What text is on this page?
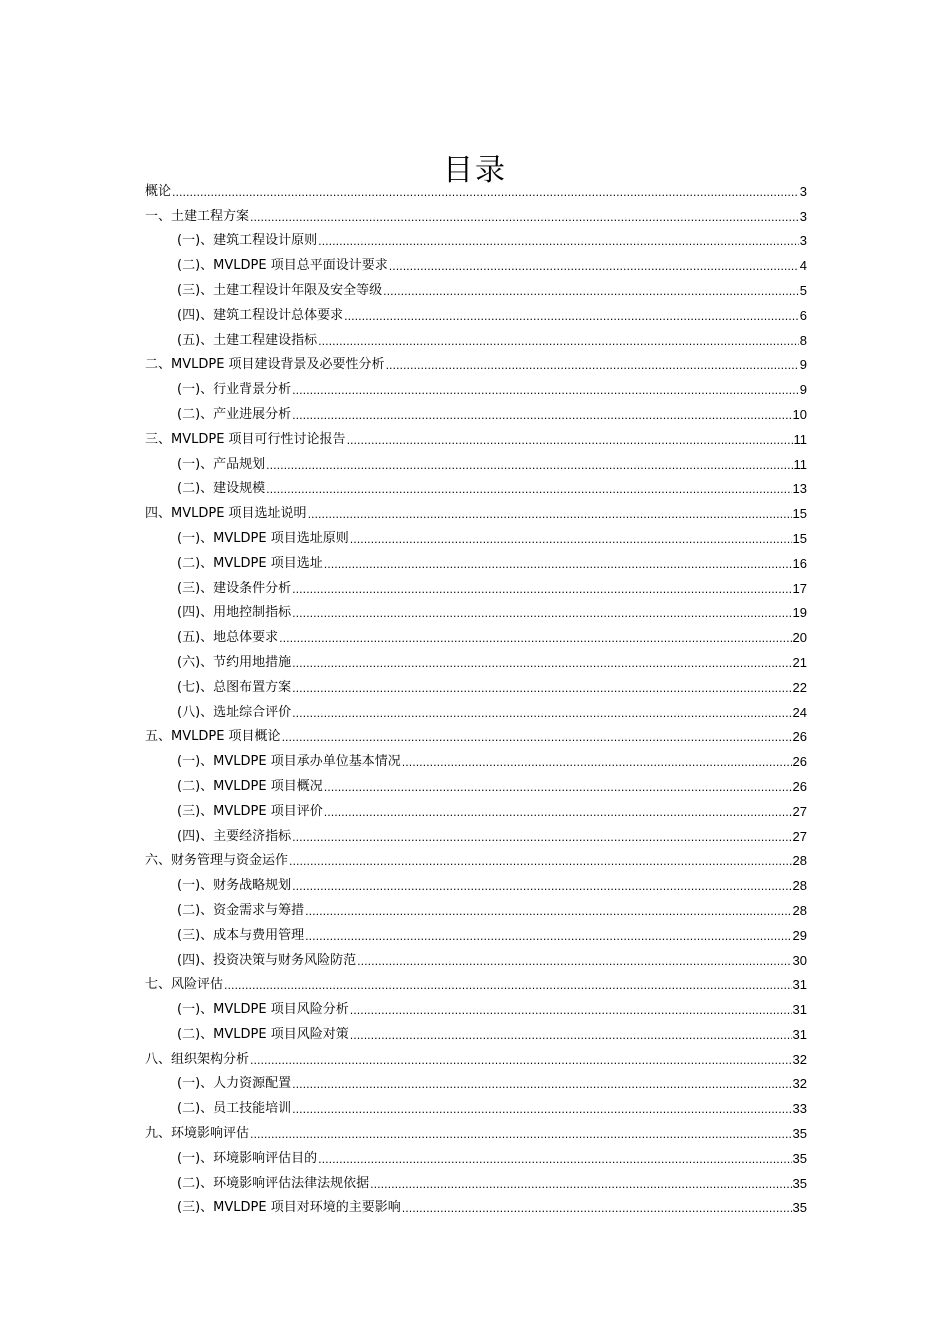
目录
概论 .....	3
一、土建工程方案 .....	3
(一)、建筑工程设计原则 .....	3
(二)、MVLDPE 项目总平面设计要求 .....	4
(三)、土建工程设计年限及安全等级 .....	5
(四)、建筑工程设计总体要求 .....	6
(五)、土建工程建设指标 .....	8
二、MVLDPE 项目建设背景及必要性分析 .....	9
(一)、行业背景分析 .....	9
(二)、产业进展分析 .....	10
三、MVLDPE 项目可行性讨论报告 .....	11
(一)、产品规划 .....	11
(二)、建设规模 .....	13
四、MVLDPE 项目选址说明 .....	15
(一)、MVLDPE 项目选址原则 .....	15
(二)、MVLDPE 项目选址 .....	16
(三)、建设条件分析 .....	17
(四)、用地控制指标 .....	19
(五)、地总体要求 .....	20
(六)、节约用地措施 .....	21
(七)、总图布置方案 .....	22
(八)、选址综合评价 .....	24
五、MVLDPE 项目概论 .....	26
(一)、MVLDPE 项目承办单位基本情况 .....	26
(二)、MVLDPE 项目概况 .....	26
(三)、MVLDPE 项目评价 .....	27
(四)、主要经济指标 .....	27
六、财务管理与资金运作 .....	28
(一)、财务战略规划 .....	28
(二)、资金需求与筹措 .....	28
(三)、成本与费用管理 .....	29
(四)、投资决策与财务风险防范 .....	30
七、风险评估 .....	31
(一)、MVLDPE 项目风险分析 .....	31
(二)、MVLDPE 项目风险对策 .....	31
八、组织架构分析 .....	32
(一)、人力资源配置 .....	32
(二)、员工技能培训 .....	33
九、环境影响评估 .....	35
(一)、环境影响评估目的 .....	35
(二)、环境影响评估法律法规依据 .....	35
(三)、MVLDPE 项目对环境的主要影响 .....	35
